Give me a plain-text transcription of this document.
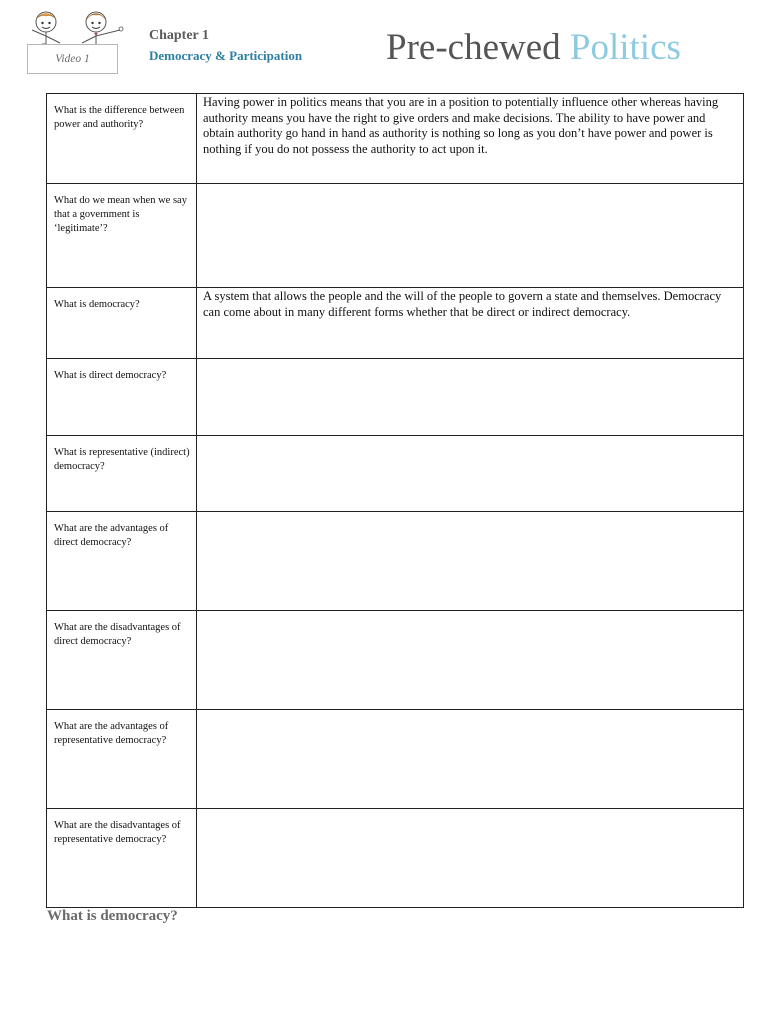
Video 1
Chapter 1
Democracy & Participation Pre-chewed Politics
What is the difference between power and authority?	Having power in politics means that you are in a position to potentially influence other whereas having authority means you have the right to give orders and make decisions. The ability to have power and obtain authority go hand in hand as authority is nothing so long as you don’t have power and power is nothing if you do not possess the authority to act upon it.

What do we mean when we say that a government is ‘legitimate’?	

What is democracy?	A system that allows the people and the will of the people to govern a state and themselves. Democracy can come about in many different forms whether that be direct or indirect democracy.

What is direct democracy?	

What is representative (indirect) democracy?	

What are the advantages of direct democracy?	

What are the disadvantages of direct democracy?	

What are the advantages of representative democracy?	

What are the disadvantages of representative democracy?	

What is democracy?
